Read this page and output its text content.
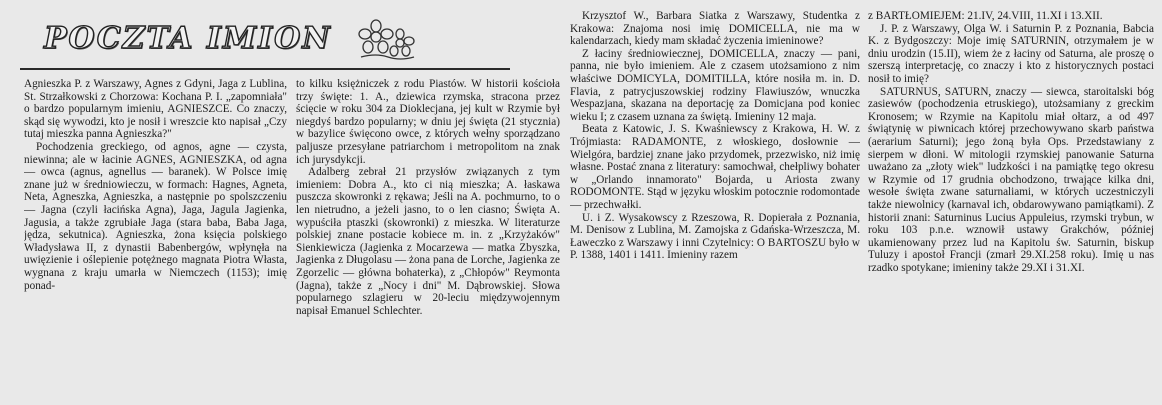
POCZTA IMION

Agnieszka P. z Warszawy, Agnes z Gdyni, Jaga z Lublina, St. Strzałkowski z Chorzowa: Kochana P. I. „zapomniała" o bardzo popularnym imieniu, AGNIESZCE. Co znaczy, skąd się wywodzi, kto je nosił i wreszcie kto napisał „Czy tutaj mieszka panna Agnieszka?"

Pochodzenia greckiego, od agnos, agne — czysta, niewinna; ale w łacinie AGNES, AGNIESZKA, od agna — owca (agnus, agnellus — baranek). W Polsce imię znane już w średniowieczu, w formach: Hagnes, Agneta, Neta, Agneszka, Agnieszka, a następnie po spolszczeniu — Jagna (czyli łacińska Agna), Jaga, Jagula Jagienka, Jagusia, a także zgrubiałe Jaga (stara baba, Baba Jaga, jędza, sekutnica). Agnieszka, żona księcia polskiego Władysława II, z dynastii Babenbergów, wpłynęła na uwięzienie i oślepienie potężnego magnata Piotra Własta, wygnana z kraju umarła w Niemczech (1153); imię ponad-

to kilku księżniczek z rodu Piastów. W historii kościoła trzy święte: 1. A., dziewica rzymska, stracona przez ścięcie w roku 304 za Dioklecjana, jej kult w Rzymie był niegdyś bardzo popularny; w dniu jej święta (21 stycznia) w bazylice święcono owce, z których wełny sporządzano paljusze przesyłane patriarchom i metropolitom na znak ich jurysdykcji.

Adalberg zebrał 21 przysłów związanych z tym imieniem: Dobra A., kto ci nią mieszka; A. łaskawa puszcza skowronki z rękawa; Jeśli na A. pochmurno, to o len nietrudno, a jeżeli jasno, to o len ciasno; Święta A. wypuściła ptaszki (skowronki) z mieszka. W literaturze polskiej znane postacie kobiece m. in. z „Krzyżaków" Sienkiewicza (Jagienka z Mocarzewa — matka Zbyszka, Jagienka z Długolasu — żona pana de Lorche, Jagienka ze Zgorzelic — główna bohaterka), z „Chłopów" Reymonta (Jagna), także z „Nocy i dni" M. Dąbrowskiej. Słowa popularnego szlagieru w 20-leciu międzywojennym napisał Emanuel Schlechter.

Krzysztof W., Barbara Siatka z Warszawy, Studentka z Krakowa: Znajoma nosi imię DOMICELLA, nie ma w kalendarzach, kiedy mam składać życzenia imieninowe?

Z łaciny średniowiecznej, DOMICELLA, znaczy — pani, panna, nie było imieniem. Ale z czasem utożsamiono z nim właściwe DOMICYLA, DOMITILLA, które nosiła m. in. D. Flavia, z patrycjuszowskiej rodziny Flawiuszów, wnuczka Wespazjana, skazana na deportację za Domicjana pod koniec wieku I; z czasem uznana za świętą. Imieniny 12 maja.

Beata z Katowic, J. S. Kwaśniewscy z Krakowa, H. W. z Trójmiasta: RADAMONTE, z włoskiego, dosłownie — Wielgóra, bardziej znane jako przydomek, przezwisko, niż imię własne. Postać znana z literatury: samochwał, chełpliwy bohater w „Orlando innamorato" Bojarda, u Ariosta zwany RODOMONTE. Stąd w języku włoskim potocznie rodomontade — przechwałki.

U. i Z. Wysakowscy z Rzeszowa, R. Dopierała z Poznania, M. Denisow z Lublina, M. Zamojska z Gdańska-Wrzeszcza, M. Ławeczko z Warszawy i inni Czytelnicy: O BARTOSZU było w P. 1388, 1401 i 1411. Imieniny razem

z BARTŁOMIEJEM: 21.IV, 24.VIII, 11.XI i 13.XII.

J. P. z Warszawy, Olga W. i Saturnin P. z Poznania, Babcia K. z Bydgoszczy: Moje imię SATURNIN, otrzymałem je w dniu urodzin (15.II), wiem że z łaciny od Saturna, ale proszę o szerszą interpretację, co znaczy i kto z historycznych postaci nosił to imię?

SATURNUS, SATURN, znaczy — siewca, staroitalski bóg zasiewów (pochodzenia etruskiego), utożsamiany z greckim Kronosem; w Rzymie na Kapitolu miał ołtarz, a od 497 świątynię w piwnicach której przechowywano skarb państwa (aerarium Saturni); jego żoną była Ops. Przedstawiany z sierpem w dłoni. W mitologii rzymskiej panowanie Saturna uważano za „złoty wiek" ludzkości i na pamiątkę tego okresu w Rzymie od 17 grudnia obchodzono, trwające kilka dni, wesołe święta zwane saturnaliami, w których uczestniczyli także niewolnicy (karnaval ich, obdarowywano pamiątkami). Z historii znani: Saturninus Lucius Appuleius, rzymski trybun, w roku 103 p.n.e. wznowił ustawy Grakchów, później ukamienowany przez lud na Kapitolu św. Saturnin, biskup Tuluzy i apostoł Francji (zmarł 29.XI.258 roku). Imię u nas rzadko spotykane; imieniny także 29.XI i 31.XI.
